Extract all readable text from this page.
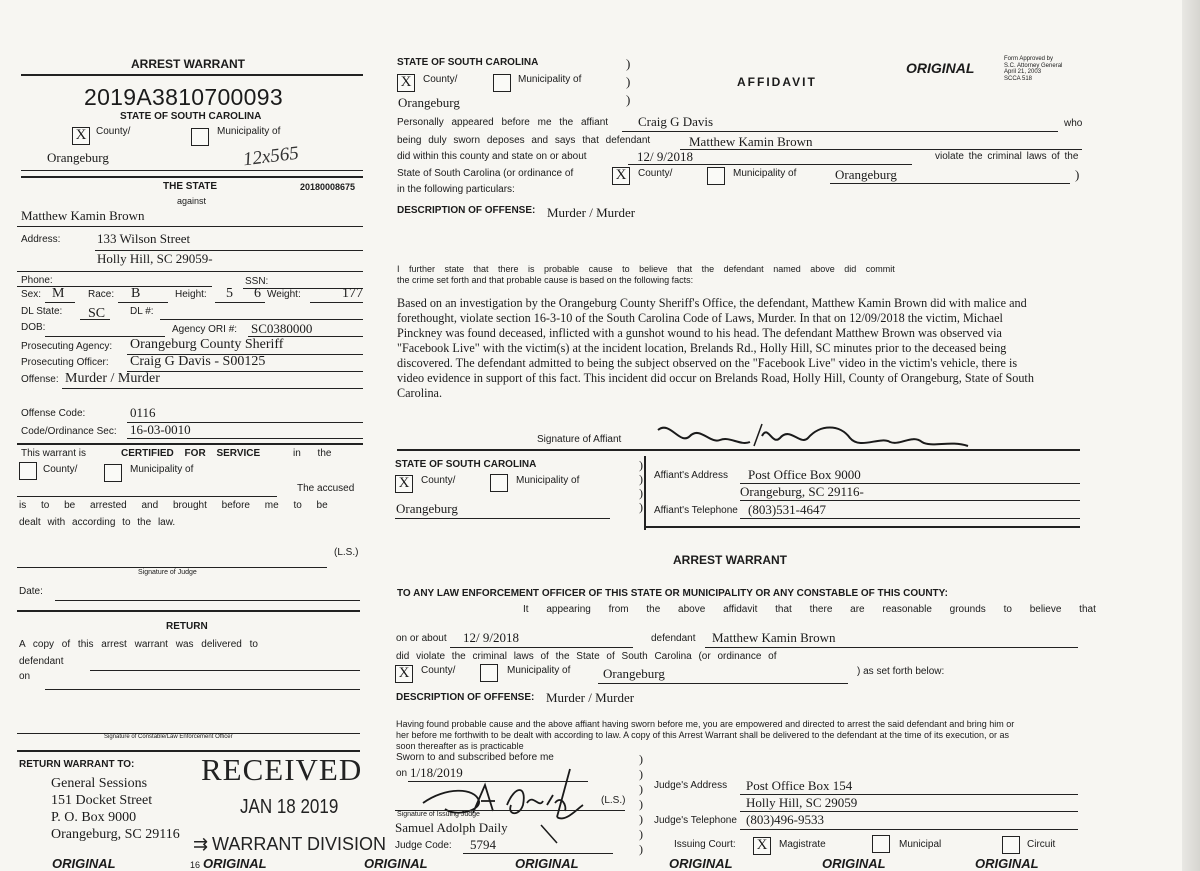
ARREST WARRANT
2019A3810700093
STATE OF SOUTH CAROLINA
X County/	Municipality of
Orangeburg	12x565
THE STATE	20180008675
against
Matthew Kamin Brown
Address:	133 Wilson Street
Holly Hill, SC 29059-
Phone:	SSN:
Sex: M Race: B	Height: 5 6 Weight:	177
DL State: SC DL #:
DOB:	Agency ORI #: SC0380000
Prosecuting Agency: Orangeburg County Sheriff
Prosecuting Officer: Craig G Davis - S00125
Offense: Murder / Murder
Offense Code:	0116
Code/Ordinance Sec: 16-03-0010
This warrant is	CERTIFIED FOR SERVICE	in the
County/	Municipality of
The accused
is to be arrested and brought before me to be
dealt with according to the law.
(L.S.)
Signature of Judge
Date:
RETURN
A copy of this arrest warrant was delivered to
defendant
on
Signature of Constable/Law Enforcement Officer
RETURN WARRANT TO:
General Sessions
151 Docket Street
P. O. Box 9000
Orangeburg, SC 29116
RECEIVED
JAN 18 2019
⇉ WARRANT DIVISION
STATE OF SOUTH CAROLINA	)
X	County/	Municipality of	)
Orangeburg	)
AFFIDAVIT
ORIGINAL
Form Approved by
S.C. Attorney General
April 21, 2003
SCCA 518
Personally appeared before me the affiant Craig G Davis	who
being duly sworn deposes and says that defendant	Matthew Kamin Brown
did within this county and state on or about	12/ 9/2018	violate the criminal laws of the
State of South Carolina (or ordinance of	X	County/	Municipality of	Orangeburg	)
in the following particulars:
DESCRIPTION OF OFFENSE: Murder / Murder
I further state that there is probable cause to believe that the defendant named above did commit
the crime set forth and that probable cause is based on the following facts:
Based on an investigation by the Orangeburg County Sheriff's Office, the defendant, Matthew Kamin Brown did with malice and
forethought, violate section 16-3-10 of the South Carolina Code of Laws, Murder. In that on 12/09/2018 the victim, Michael
Pinckney was found deceased, inflicted with a gunshot wound to his head. The defendant Matthew Brown was observed via
"Facebook Live" with the victim(s) at the incident location, Brelands Rd., Holly Hill, SC minutes prior to the deceased being
discovered. The defendant admitted to being the subject observed on the "Facebook Live" video in the victim's vehicle, there is
video evidence in support of this fact. This incident did occur on Brelands Road, Holly Hill, County of Orangeburg, State of South
Carolina.
Signature of Affiant
STATE OF SOUTH CAROLINA
X	County/	Municipality of
Orangeburg
)
)
)
)
Affiant's Address Post Office Box 9000
Orangeburg, SC 29116-
Affiant's Telephone (803)531-4647
ARREST WARRANT
TO ANY LAW ENFORCEMENT OFFICER OF THIS STATE OR MUNICIPALITY OR ANY CONSTABLE OF THIS COUNTY:
It appearing from the above affidavit that there are reasonable grounds to believe that
on or about 12/ 9/2018	defendant Matthew Kamin Brown
did violate the criminal laws of the State of South Carolina (or ordinance of
X	County/	Municipality of	Orangeburg	) as set forth below:
DESCRIPTION OF OFFENSE: Murder / Murder
Having found probable cause and the above affiant having sworn before me, you are empowered and directed to arrest the said defendant and bring him or
her before me forthwith to be dealt with according to law. A copy of this Arrest Warrant shall be delivered to the defendant at the time of its execution, or as
soon thereafter as is practicable
Sworn to and subscribed before me
on 1/18/2019
(L.S.)
Signature of Issuing Judge
Samuel Adolph Daily
Judge Code: 5794
)
)
)
)
)
)
)
Judge's Address Post Office Box 154
Holly Hill, SC 29059
Judge's Telephone (803)496-9533
Issuing Court: X	Magistrate	Municipal	Circuit
ORIGINAL	16 ORIGINAL	ORIGINAL	ORIGINAL	ORIGINAL	ORIGINAL	ORIGINAL
